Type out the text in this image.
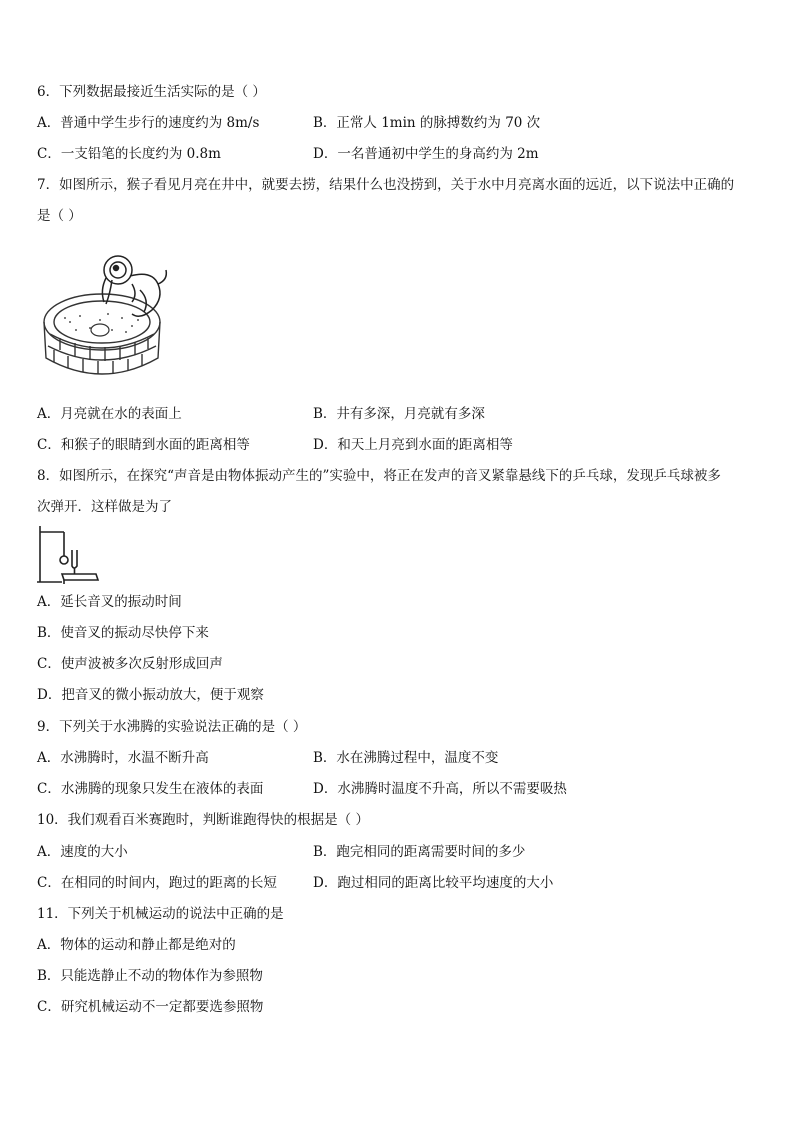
6．下列数据最接近生活实际的是（ ）
A．普通中学生步行的速度约为 8m/s	B．正常人 1min 的脉搏数约为 70 次
C．一支铅笔的长度约为 0.8m	D．一名普通初中学生的身高约为 2m
7．如图所示，猴子看见月亮在井中，就要去捞，结果什么也没捞到，关于水中月亮离水面的远近，以下说法中正确的
是（ ）
A．月亮就在水的表面上	B．井有多深，月亮就有多深
C．和猴子的眼睛到水面的距离相等	D．和天上月亮到水面的距离相等
8．如图所示，在探究“声音是由物体振动产生的”实验中，将正在发声的音叉紧靠悬线下的乒乓球，发现乒乓球被多
次弹开．这样做是为了
A．延长音叉的振动时间
B．使音叉的振动尽快停下来
C．使声波被多次反射形成回声
D．把音叉的微小振动放大，便于观察
9．下列关于水沸腾的实验说法正确的是（ ）
A．水沸腾时，水温不断升高	B．水在沸腾过程中，温度不变
C．水沸腾的现象只发生在液体的表面	D．水沸腾时温度不升高，所以不需要吸热
10．我们观看百米赛跑时，判断谁跑得快的根据是（ ）
A．速度的大小	B．跑完相同的距离需要时间的多少
C．在相同的时间内，跑过的距离的长短	D．跑过相同的距离比较平均速度的大小
11．下列关于机械运动的说法中正确的是
A．物体的运动和静止都是绝对的
B．只能选静止不动的物体作为参照物
C．研究机械运动不一定都要选参照物
